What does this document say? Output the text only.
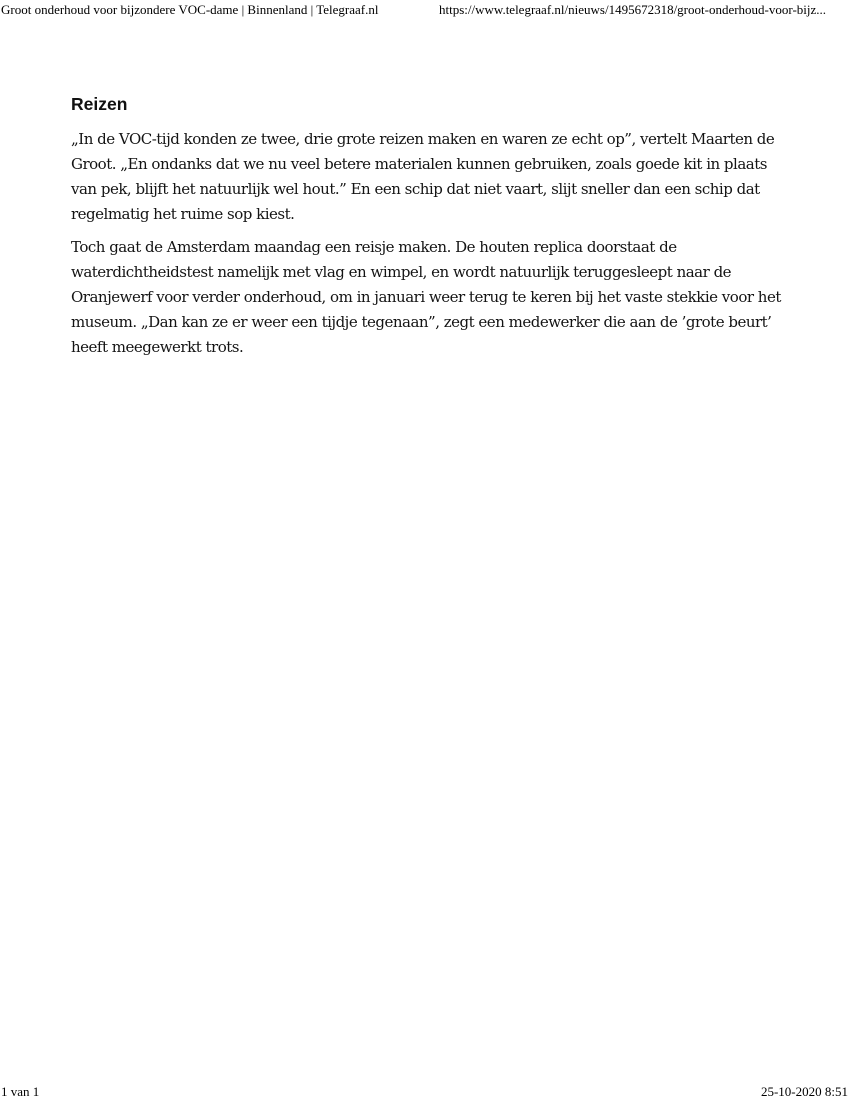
Groot onderhoud voor bijzondere VOC-dame | Binnenland | Telegraaf.nl	https://www.telegraaf.nl/nieuws/1495672318/groot-onderhoud-voor-bijz...
Reizen

„In de VOC-tijd konden ze twee, drie grote reizen maken en waren ze echt op”, vertelt Maarten de Groot. „En ondanks dat we nu veel betere materialen kunnen gebruiken, zoals goede kit in plaats van pek, blijft het natuurlijk wel hout.” En een schip dat niet vaart, slijt sneller dan een schip dat regelmatig het ruime sop kiest.

Toch gaat de Amsterdam maandag een reisje maken. De houten replica doorstaat de waterdichtheidstest namelijk met vlag en wimpel, en wordt natuurlijk teruggesleept naar de Oranjewerf voor verder onderhoud, om in januari weer terug te keren bij het vaste stekkie voor het museum. „Dan kan ze er weer een tijdje tegenaan”, zegt een medewerker die aan de ’grote beurt’ heeft meegewerkt trots.

1 van 1	25-10-2020 8:51
